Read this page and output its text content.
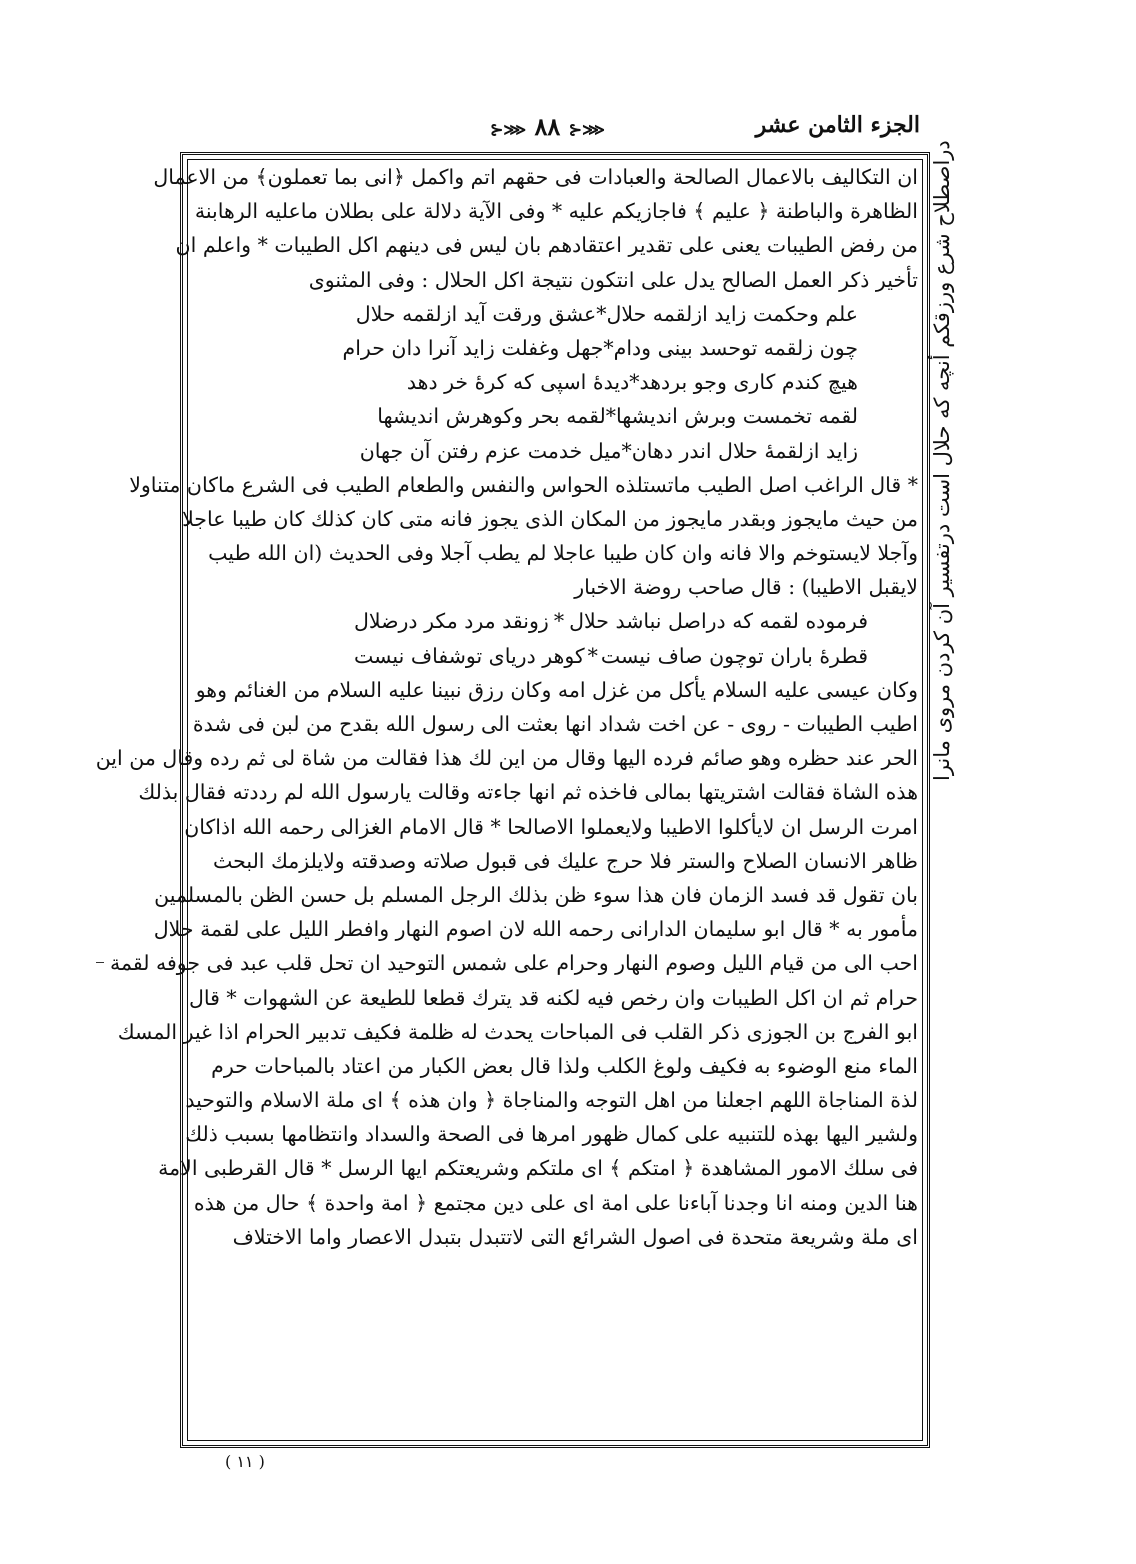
الجزء الثامن عشر
⊱⋙ ٨٨ ⊱⋙
دراصطلاح شرع ورزقكم أنچه كه حلال است درتفسیر آن كردن مروی مانرا
ان التكاليف بالاعمال الصالحة والعبادات فى حقهم اتم واكمل ﴿انى بما تعملون﴾ من الاعمال
الظاهرة والباطنة ﴿ عليم ﴾ فاجازيكم عليه * وفى الآية دلالة على بطلان ماعليه الرهابنة
من رفض الطيبات يعنى على تقدير اعتقادهم بان ليس فى دينهم اكل الطيبات * واعلم ان
تأخير ذكر العمل الصالح يدل على انتكون نتيجة اكل الحلال : وفى المثنوى
علم وحكمت زايد ازلقمه حلال
*
عشق ورقت آيد ازلقمه حلال
چون زلقمه توحسد بينى ودام
*
جهل وغفلت زايد آنرا دان حرام
هيچ كندم كارى وجو بردهد
*
ديدهٔ اسپى كه كرهٔ خر دهد
لقمه تخمست وبرش انديشها
*
لقمه بحر وكوهرش انديشها
زايد ازلقمهٔ حلال اندر دهان
*
ميل خدمت عزم رفتن آن جهان
* قال الراغب اصل الطيب ماتستلذه الحواس والنفس والطعام الطيب فى الشرع ماكان متناولا
من حيث مايجوز وبقدر مايجوز من المكان الذى يجوز فانه متى كان كذلك كان طيبا عاجلا
وآجلا لايستوخم والا فانه وان كان طيبا عاجلا لم يطب آجلا وفى الحديث (ان الله طيب
لايقبل الاطيبا) : قال صاحب روضة الاخبار
فرموده لقمه كه دراصل نباشد حلال
*
زونقد مرد مكر درضلال
قطرهٔ باران توچون صاف نيست
*
كوهر درياى توشفاف نيست
وكان عيسى عليه السلام يأكل من غزل امه وكان رزق نبينا عليه السلام من الغنائم وهو
اطيب الطيبات - روى - عن اخت شداد انها بعثت الى رسول الله بقدح من لبن فى شدة
الحر عند حظره وهو صائم فرده اليها وقال من اين لك هذا فقالت من شاة لى ثم رده وقال من اين
هذه الشاة فقالت اشتريتها بمالى فاخذه ثم انها جاءته وقالت يارسول الله لم رددته فقال بذلك
امرت الرسل ان لايأكلوا الاطيبا ولايعملوا الاصالحا * قال الامام الغزالى رحمه الله اذاكان
ظاهر الانسان الصلاح والستر فلا حرج عليك فى قبول صلاته وصدقته ولايلزمك البحث
بان تقول قد فسد الزمان فان هذا سوء ظن بذلك الرجل المسلم بل حسن الظن بالمسلمين
مأمور به * قال ابو سليمان الدارانى رحمه الله لان اصوم النهار وافطر الليل على لقمة حلال
احب الى من قيام الليل وصوم النهار وحرام على شمس التوحيد ان تحل قلب عبد فى جوفه لقمة
حرام ثم ان اكل الطيبات وان رخص فيه لكنه قد يترك قطعا للطيعة عن الشهوات * قال
ابو الفرج بن الجوزى ذكر القلب فى المباحات يحدث له ظلمة فكيف تدبير الحرام اذا غير المسك
الماء منع الوضوء به فكيف ولوغ الكلب ولذا قال بعض الكبار من اعتاد بالمباحات حرم
لذة المناجاة اللهم اجعلنا من اهل التوجه والمناجاة ﴿ وان هذه ﴾ اى ملة الاسلام والتوحيد
ولشير اليها بهذه للتنبيه على كمال ظهور امرها فى الصحة والسداد وانتظامها بسبب ذلك
فى سلك الامور المشاهدة ﴿ امتكم ﴾ اى ملتكم وشريعتكم ايها الرسل * قال القرطبى الامة
هنا الدين ومنه انا وجدنا آباءنا على امة اى على دين مجتمع ﴿ امة واحدة ﴾ حال من هذه
اى ملة وشريعة متحدة فى اصول الشرائع التى لاتتبدل بتبدل الاعصار واما الاختلاف
( ١١ )
